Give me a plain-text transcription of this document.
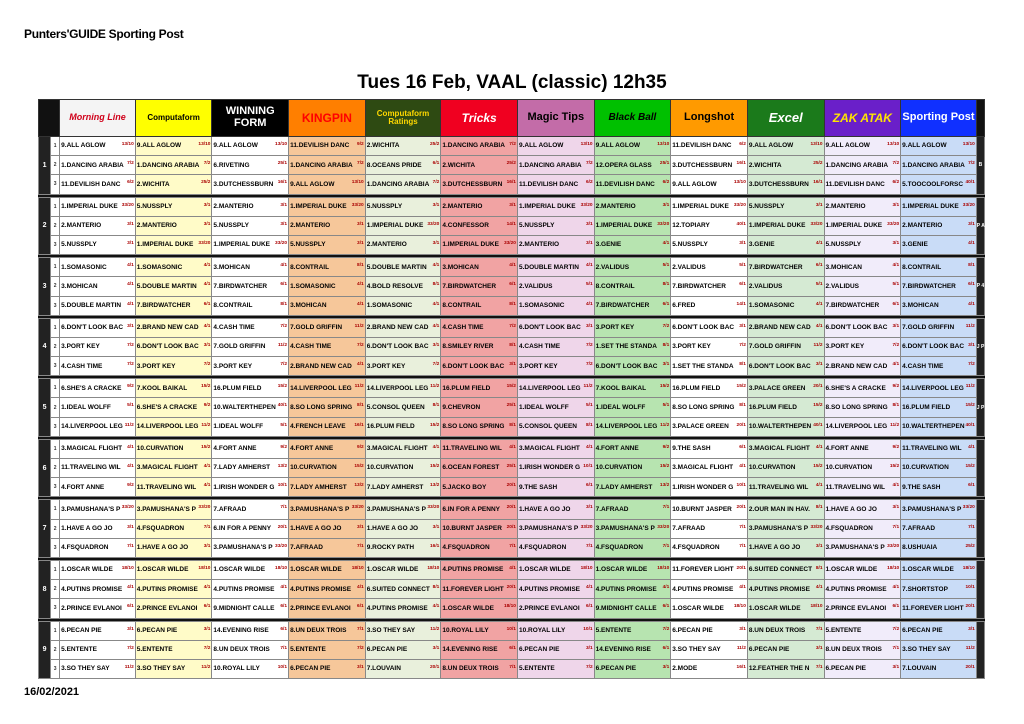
Punters'GUIDE Sporting Post
Tues 16 Feb, VAAL (classic) 12h35
		Morning Line	Computaform	WINNING FORM	KINGPIN	Computaform Ratings	Tricks	Magic Tips	Black Ball	Longshot	Excel	ZAK ATAK	Sporting Post	
1	1	9.ALL AGLOW 13/10	9.ALL AGLOW 13/10	9.ALL AGLOW 13/10	11.DEVILISH DANC 9/2	2.WICHITA 25/2	1.DANCING ARABIA 7/2	9.ALL AGLOW 13/10	9.ALL AGLOW 13/10	11.DEVILISH DANC 6/2	9.ALL AGLOW 13/10	9.ALL AGLOW 13/10	9.ALL AGLOW 13/10	B
	2	1.DANCING ARABIA 7/2	1.DANCING ARABIA 7/2	6.RIVETING 25/1	1.DANCING ARABIA 7/2	8.OCEANS PRIDE 6/1	2.WICHITA 25/2	1.DANCING ARABIA 7/2	12.OPERA GLASS 25/1	3.DUTCHESSBURN 16/1	2.WICHITA 25/2	1.DANCING ARABIA 7/2	1.DANCING ARABIA 7/2	

	3	11.DEVILISH DANC 6/2	2.WICHITA 25/2	3.DUTCHESSBURN 16/1	9.ALL AGLOW 13/10	1.DANCING ARABIA 7/2	3.DUTCHESSBURN 16/1	11.DEVILISH DANC 6/2	11.DEVILISH DANC 6/2	9.ALL AGLOW 13/10	3.DUTCHESSBURN 16/1	11.DEVILISH DANC 6/2	5.TOOCOOLFORSC 40/1	

2	1	1.IMPERIAL DUKE 33/20	5.NUSSPLY 3/1	2.MANTERIO 3/1	1.IMPERIAL DUKE 33/20	5.NUSSPLY 3/1	2.MANTERIO 3/1	1.IMPERIAL DUKE 33/20	2.MANTERIO 3/1	1.IMPERIAL DUKE 33/20	5.NUSSPLY 3/1	2.MANTERIO 3/1	1.IMPERIAL DUKE 33/20	P A
	2	2.MANTERIO 3/1	2.MANTERIO 3/1	5.NUSSPLY 3/1	2.MANTERIO 3/1	1.IMPERIAL DUKE 33/20	4.CONFESSOR 14/1	5.NUSSPLY 3/1	1.IMPERIAL DUKE 33/20	12.TOPIARY 40/1	1.IMPERIAL DUKE 33/20	1.IMPERIAL DUKE 33/20	2.MANTERIO 3/1	

	3	5.NUSSPLY 3/1	1.IMPERIAL DUKE 33/20	1.IMPERIAL DUKE 33/20	5.NUSSPLY 3/1	2.MANTERIO 3/1	1.IMPERIAL DUKE 33/20	2.MANTERIO 3/1	3.GENIE 4/1	5.NUSSPLY 3/1	3.GENIE 4/1	5.NUSSPLY 3/1	3.GENIE 4/1	

3	1	1.SOMASONIC 4/1	1.SOMASONIC 4/1	3.MOHICAN 4/1	8.CONTRAIL 8/1	5.DOUBLE MARTIN 4/1	3.MOHICAN 4/1	5.DOUBLE MARTIN 4/1	2.VALIDUS 5/1	2.VALIDUS 5/1	7.BIRDWATCHER 6/1	3.MOHICAN 4/1	8.CONTRAIL 8/1	P 4
	2	3.MOHICAN 4/1	5.DOUBLE MARTIN 4/1	7.BIRDWATCHER 6/1	1.SOMASONIC 4/1	4.BOLD RESOLVE 8/1	7.BIRDWATCHER 6/1	2.VALIDUS 5/1	8.CONTRAIL 8/1	7.BIRDWATCHER 6/1	2.VALIDUS 5/1	2.VALIDUS 5/1	7.BIRDWATCHER 6/1	

	3	5.DOUBLE MARTIN 4/1	7.BIRDWATCHER 6/1	8.CONTRAIL 8/1	3.MOHICAN 4/1	1.SOMASONIC 4/1	8.CONTRAIL 8/1	1.SOMASONIC 4/1	7.BIRDWATCHER 6/1	6.FRED 14/1	1.SOMASONIC 4/1	7.BIRDWATCHER 6/1	3.MOHICAN 4/1	

4	1	6.DON'T LOOK BAC 3/1	2.BRAND NEW CAD 4/1	4.CASH TIME 7/2	7.GOLD GRIFFIN 11/2	2.BRAND NEW CAD 4/1	4.CASH TIME 7/2	6.DON'T LOOK BAC 3/1	3.PORT KEY 7/2	6.DON'T LOOK BAC 3/1	2.BRAND NEW CAD 4/1	6.DON'T LOOK BAC 3/1	7.GOLD GRIFFIN 11/2	J P 1
	2	3.PORT KEY 7/2	6.DON'T LOOK BAC 3/1	7.GOLD GRIFFIN 11/2	4.CASH TIME 7/2	6.DON'T LOOK BAC 3/1	8.SMILEY RIVER 8/1	4.CASH TIME 7/2	1.SET THE STANDA 8/1	3.PORT KEY 7/2	7.GOLD GRIFFIN 11/2	3.PORT KEY 7/2	6.DON'T LOOK BAC 3/1	

	3	4.CASH TIME 7/2	3.PORT KEY 7/2	3.PORT KEY 7/2	2.BRAND NEW CAD 4/1	3.PORT KEY 7/2	6.DON'T LOOK BAC 3/1	3.PORT KEY 7/2	6.DON'T LOOK BAC 3/1	1.SET THE STANDA 8/1	6.DON'T LOOK BAC 3/1	2.BRAND NEW CAD 4/1	4.CASH TIME 7/2	

5	1	6.SHE'S A CRACKE 9/2	7.KOOL BAIKAL 15/2	16.PLUM FIELD 15/2	14.LIVERPOOL LEG 11/2	14.LIVERPOOL LEG 11/2	16.PLUM FIELD 15/2	14.LIVERPOOL LEG 11/2	7.KOOL BAIKAL 15/2	16.PLUM FIELD 15/2	3.PALACE GREEN 20/1	6.SHE'S A CRACKE 9/2	14.LIVERPOOL LEG 11/2	J P 2
	2	1.IDEAL WOLFF 5/1	6.SHE'S A CRACKE 9/2	10.WALTERTHEPEN 40/1	8.SO LONG SPRING 8/1	5.CONSOL QUEEN 8/1	9.CHEVRON 25/1	1.IDEAL WOLFF 5/1	1.IDEAL WOLFF 5/1	8.SO LONG SPRING 8/1	16.PLUM FIELD 15/2	8.SO LONG SPRING 8/1	16.PLUM FIELD 15/2	

	3	14.LIVERPOOL LEG 11/2	14.LIVERPOOL LEG 11/2	1.IDEAL WOLFF 5/1	4.FRENCH LEAVE 16/1	16.PLUM FIELD 15/2	8.SO LONG SPRING 8/1	5.CONSOL QUEEN 8/1	14.LIVERPOOL LEG 11/2	3.PALACE GREEN 20/1	10.WALTERTHEPEN 40/1	14.LIVERPOOL LEG 11/2	10.WALTERTHEPEN 40/1	

6	1	3.MAGICAL FLIGHT 4/1	10.CURVATION 15/2	4.FORT ANNE 9/2	4.FORT ANNE 9/2	3.MAGICAL FLIGHT 4/1	11.TRAVELING WIL 4/1	3.MAGICAL FLIGHT 4/1	4.FORT ANNE 9/2	9.THE SASH 6/1	3.MAGICAL FLIGHT 4/1	4.FORT ANNE 9/2	11.TRAVELING WIL 4/1	

	2	11.TRAVELING WIL 4/1	3.MAGICAL FLIGHT 4/1	7.LADY AMHERST 13/2	10.CURVATION 15/2	10.CURVATION 15/2	6.OCEAN FOREST 25/1	1.IRISH WONDER G 10/1	10.CURVATION 15/2	3.MAGICAL FLIGHT 4/1	10.CURVATION 15/2	10.CURVATION 15/2	10.CURVATION 15/2	

	3	4.FORT ANNE 9/2	11.TRAVELING WIL 4/1	1.IRISH WONDER G 10/1	7.LADY AMHERST 13/2	7.LADY AMHERST 13/2	5.JACKO BOY 20/1	9.THE SASH 6/1	7.LADY AMHERST 13/2	1.IRISH WONDER G 10/1	11.TRAVELING WIL 4/1	11.TRAVELING WIL 4/1	9.THE SASH 6/1	

7	1	3.PAMUSHANA'S P 33/20	3.PAMUSHANA'S P 33/20	7.AFRAAD 7/1	3.PAMUSHANA'S P 33/20	3.PAMUSHANA'S P 33/20	6.IN FOR A PENNY 20/1	1.HAVE A GO JO 3/1	7.AFRAAD 7/1	10.BURNT JASPER 20/1	2.OUR MAN IN HAV. 8/1	1.HAVE A GO JO 3/1	3.PAMUSHANA'S P 33/20	

	2	1.HAVE A GO JO 3/1	4.FSQUADRON 7/1	6.IN FOR A PENNY 20/1	1.HAVE A GO JO 3/1	1.HAVE A GO JO 3/1	10.BURNT JASPER 20/1	3.PAMUSHANA'S P 33/20	3.PAMUSHANA'S P 33/20	7.AFRAAD 7/1	3.PAMUSHANA'S P 33/20	4.FSQUADRON 7/1	7.AFRAAD 7/1	

	3	4.FSQUADRON 7/1	1.HAVE A GO JO 3/1	3.PAMUSHANA'S P 33/20	7.AFRAAD 7/1	9.ROCKY PATH 16/1	4.FSQUADRON 7/1	4.FSQUADRON 7/1	4.FSQUADRON 7/1	4.FSQUADRON 7/1	1.HAVE A GO JO 3/1	3.PAMUSHANA'S P 33/20	8.USHUAIA 25/2	

8	1	1.OSCAR WILDE 18/10	1.OSCAR WILDE 18/10	1.OSCAR WILDE 18/10	1.OSCAR WILDE 18/10	1.OSCAR WILDE 18/10	4.PUTINS PROMISE 4/1	1.OSCAR WILDE 18/10	1.OSCAR WILDE 18/10	11.FOREVER LIGHT 20/1	6.SUITED CONNECT 8/1	1.OSCAR WILDE 18/10	1.OSCAR WILDE 18/10	

	2	4.PUTINS PROMISE 4/1	4.PUTINS PROMISE 4/1	4.PUTINS PROMISE 4/1	4.PUTINS PROMISE 4/1	6.SUITED CONNECT 8/1	11.FOREVER LIGHT 20/1	4.PUTINS PROMISE 4/1	4.PUTINS PROMISE 4/1	4.PUTINS PROMISE 4/1	4.PUTINS PROMISE 4/1	4.PUTINS PROMISE 4/1	7.SHORTSTOP 10/1	

	3	2.PRINCE EVLANOI 6/1	2.PRINCE EVLANOI 6/1	9.MIDNIGHT CALLE 6/1	2.PRINCE EVLANOI 6/1	4.PUTINS PROMISE 4/1	1.OSCAR WILDE 18/10	2.PRINCE EVLANOI 6/1	9.MIDNIGHT CALLE 6/1	1.OSCAR WILDE 18/10	1.OSCAR WILDE 18/10	2.PRINCE EVLANOI 6/1	11.FOREVER LIGHT 20/1	

9	1	6.PECAN PIE 3/1	6.PECAN PIE 3/1	14.EVENING RISE 6/1	8.UN DEUX TROIS 7/1	3.SO THEY SAY 11/2	10.ROYAL LILY 10/1	10.ROYAL LILY 10/1	5.ENTENTE 7/2	6.PECAN PIE 3/1	8.UN DEUX TROIS 7/1	5.ENTENTE 7/2	6.PECAN PIE 3/1	

	2	5.ENTENTE 7/2	5.ENTENTE 7/2	8.UN DEUX TROIS 7/1	5.ENTENTE 7/2	6.PECAN PIE 3/1	14.EVENING RISE 6/1	6.PECAN PIE 3/1	14.EVENING RISE 6/1	3.SO THEY SAY 11/2	6.PECAN PIE 3/1	8.UN DEUX TROIS 7/1	3.SO THEY SAY 11/2	

	3	3.SO THEY SAY 11/2	3.SO THEY SAY 11/2	10.ROYAL LILY 10/1	6.PECAN PIE 3/1	7.LOUVAIN 20/1	8.UN DEUX TROIS 7/1	5.ENTENTE 7/2	6.PECAN PIE 3/1	2.MODE 16/1	12.FEATHER THE N 7/1	6.PECAN PIE 3/1	7.LOUVAIN 20/1	
16/02/2021
